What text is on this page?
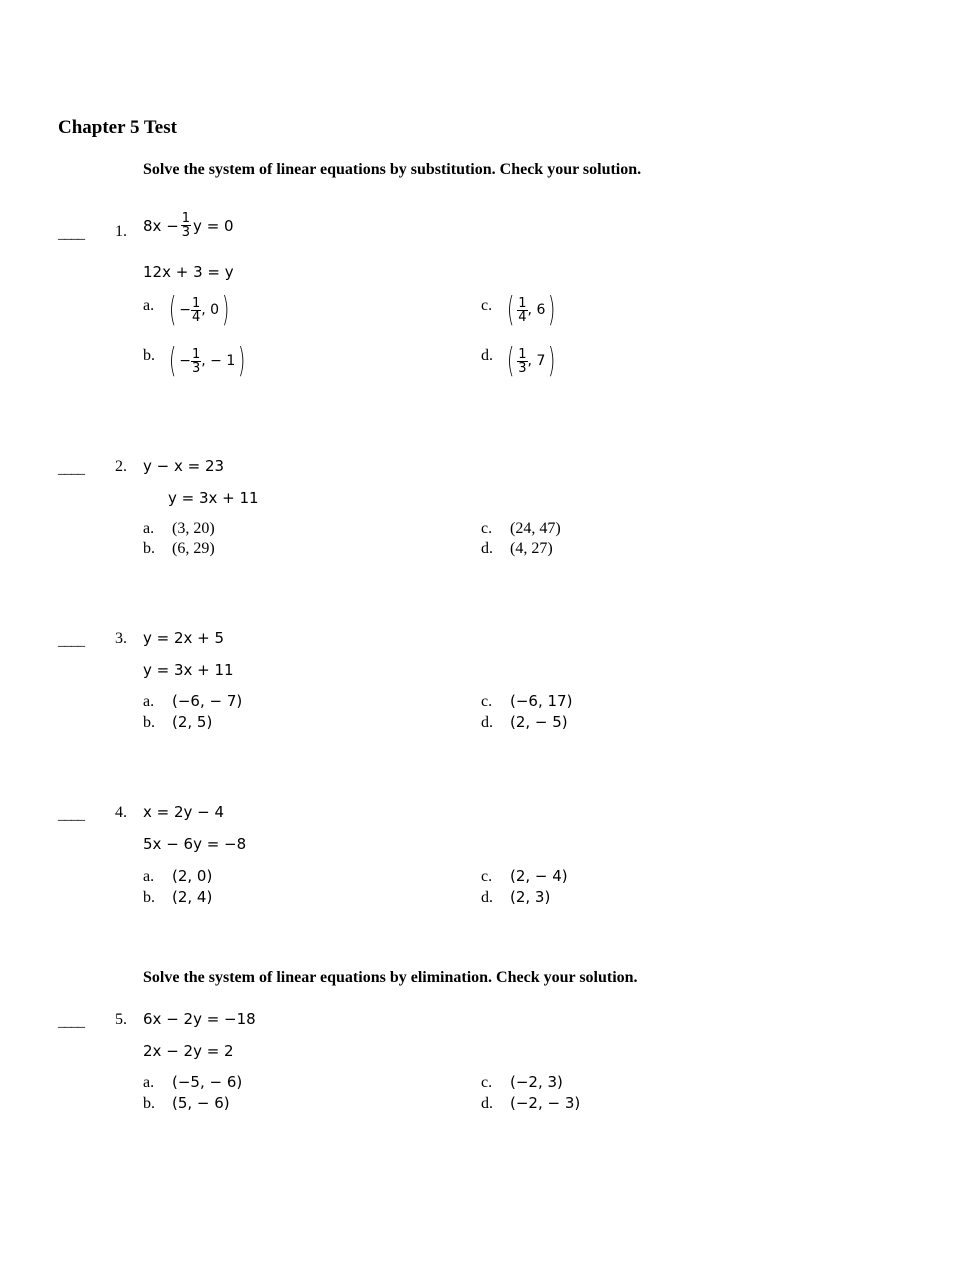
Chapter 5 Test
Solve the system of linear equations by substitution. Check your solution.
____ 1. $8x - \frac{1}{3}$ y = 0
12x + 3 = y
a. ( − $\frac{1}{4}$ , 0 )
b. ( − $\frac{1}{3}$ , − 1 )
c. ( $\frac{1}{4}$ , 6 )
d. ( $\frac{1}{3}$ , 7 )
____ 2. y − x = 23
y = 3x + 11
a. (3, 20)
b. (6, 29)
c. (24, 47)
d. (4, 27)
____ 3. y = 2x + 5
y = 3x + 11
a. (−6, − 7)
b. (2, 5)
c. (−6, 17)
d. (2, − 5)
____ 4. x = 2y − 4
5x − 6y = −8
a. (2, 0)
b. (2, 4)
c. (2, − 4)
d. (2, 3)
Solve the system of linear equations by elimination. Check your solution.
____ 5. 6x − 2y = −18
2x − 2y = 2
a. (−5, − 6)
b. (5, − 6)
c. (−2, 3)
d. (−2, − 3)
